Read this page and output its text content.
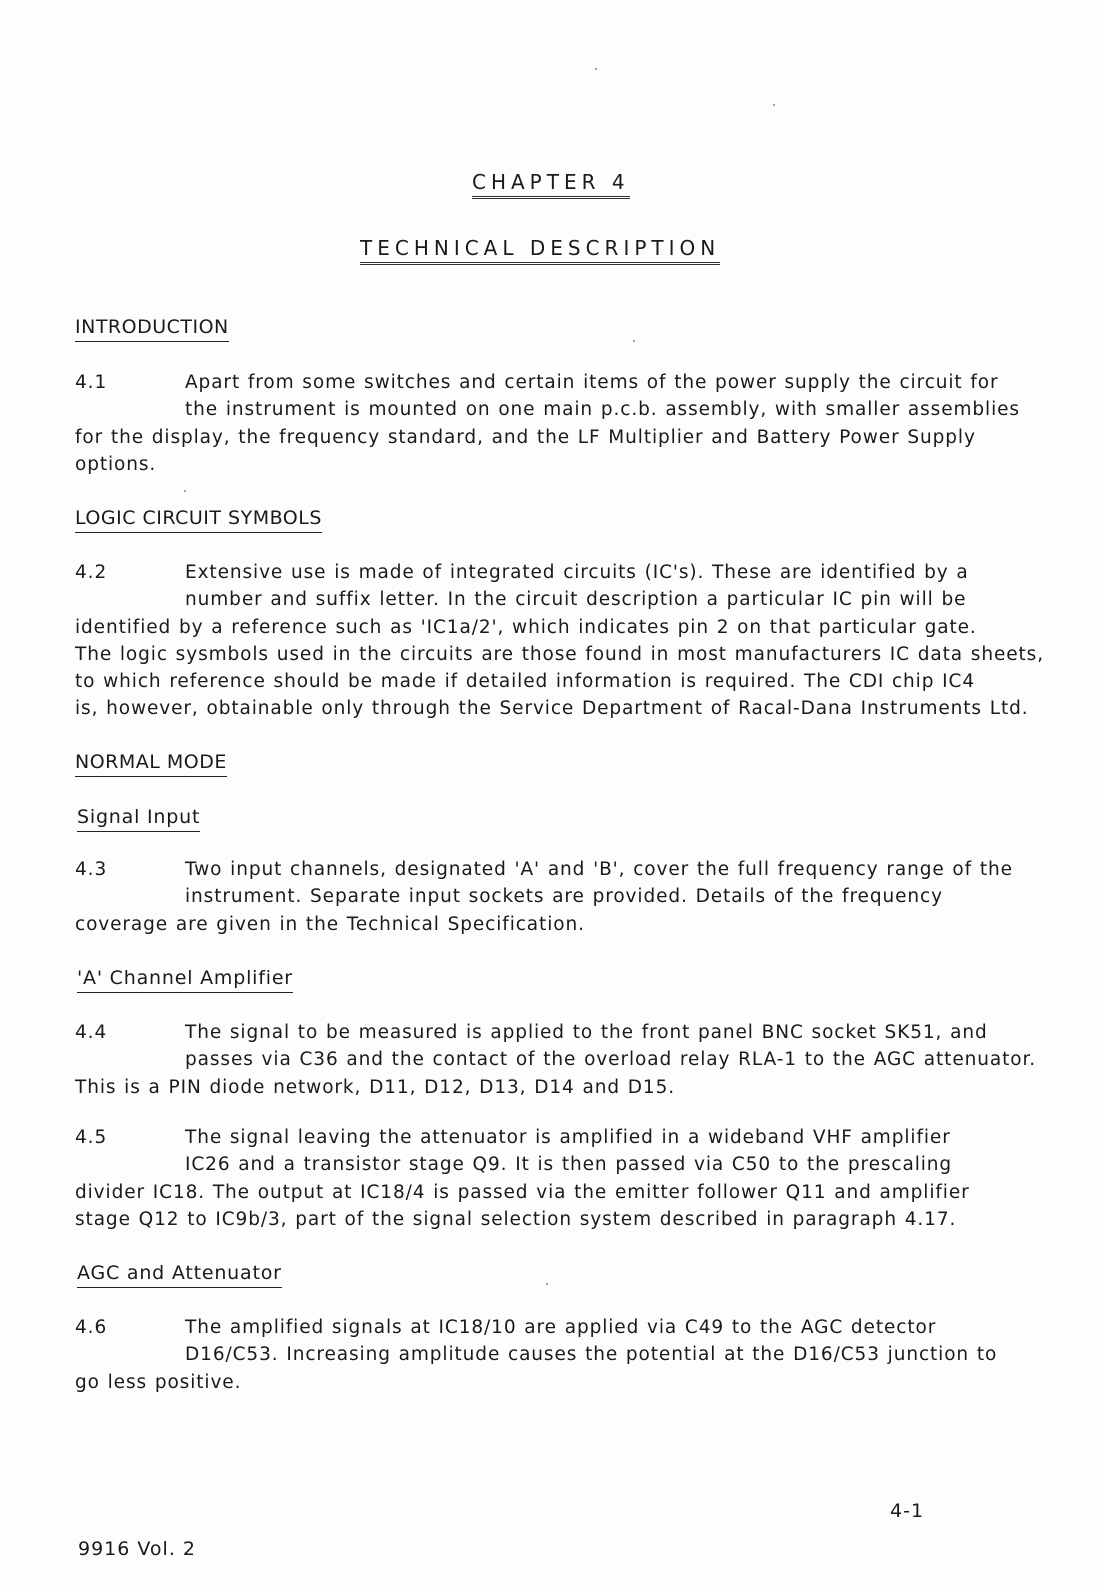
CHAPTER 4
TECHNICAL DESCRIPTION
INTRODUCTION
4.1	Apart from some switches and certain items of the power supply the circuit for
the instrument is mounted on one main p.c.b. assembly, with smaller assemblies
for the display, the frequency standard, and the LF Multiplier and Battery Power Supply
options.
LOGIC CIRCUIT SYMBOLS
4.2	Extensive use is made of integrated circuits (IC's). These are identified by a
number and suffix letter. In the circuit description a particular IC pin will be
identified by a reference such as 'IC1a/2', which indicates pin 2 on that particular gate.
The logic sysmbols used in the circuits are those found in most manufacturers IC data sheets,
to which reference should be made if detailed information is required. The CDI chip IC4
is, however, obtainable only through the Service Department of Racal-Dana Instruments Ltd.
NORMAL MODE
Signal Input
4.3	Two input channels, designated 'A' and 'B', cover the full frequency range of the
instrument. Separate input sockets are provided. Details of the frequency
coverage are given in the Technical Specification.
'A' Channel Amplifier
4.4	The signal to be measured is applied to the front panel BNC socket SK51, and
passes via C36 and the contact of the overload relay RLA-1 to the AGC attenuator.
This is a PIN diode network, D11, D12, D13, D14 and D15.
4.5	The signal leaving the attenuator is amplified in a wideband VHF amplifier
IC26 and a transistor stage Q9. It is then passed via C50 to the prescaling
divider IC18. The output at IC18/4 is passed via the emitter follower Q11 and amplifier
stage Q12 to IC9b/3, part of the signal selection system described in paragraph 4.17.
AGC and Attenuator
4.6	The amplified signals at IC18/10 are applied via C49 to the AGC detector
D16/C53. Increasing amplitude causes the potential at the D16/C53 junction to
go less positive.
4-1
9916 Vol. 2
